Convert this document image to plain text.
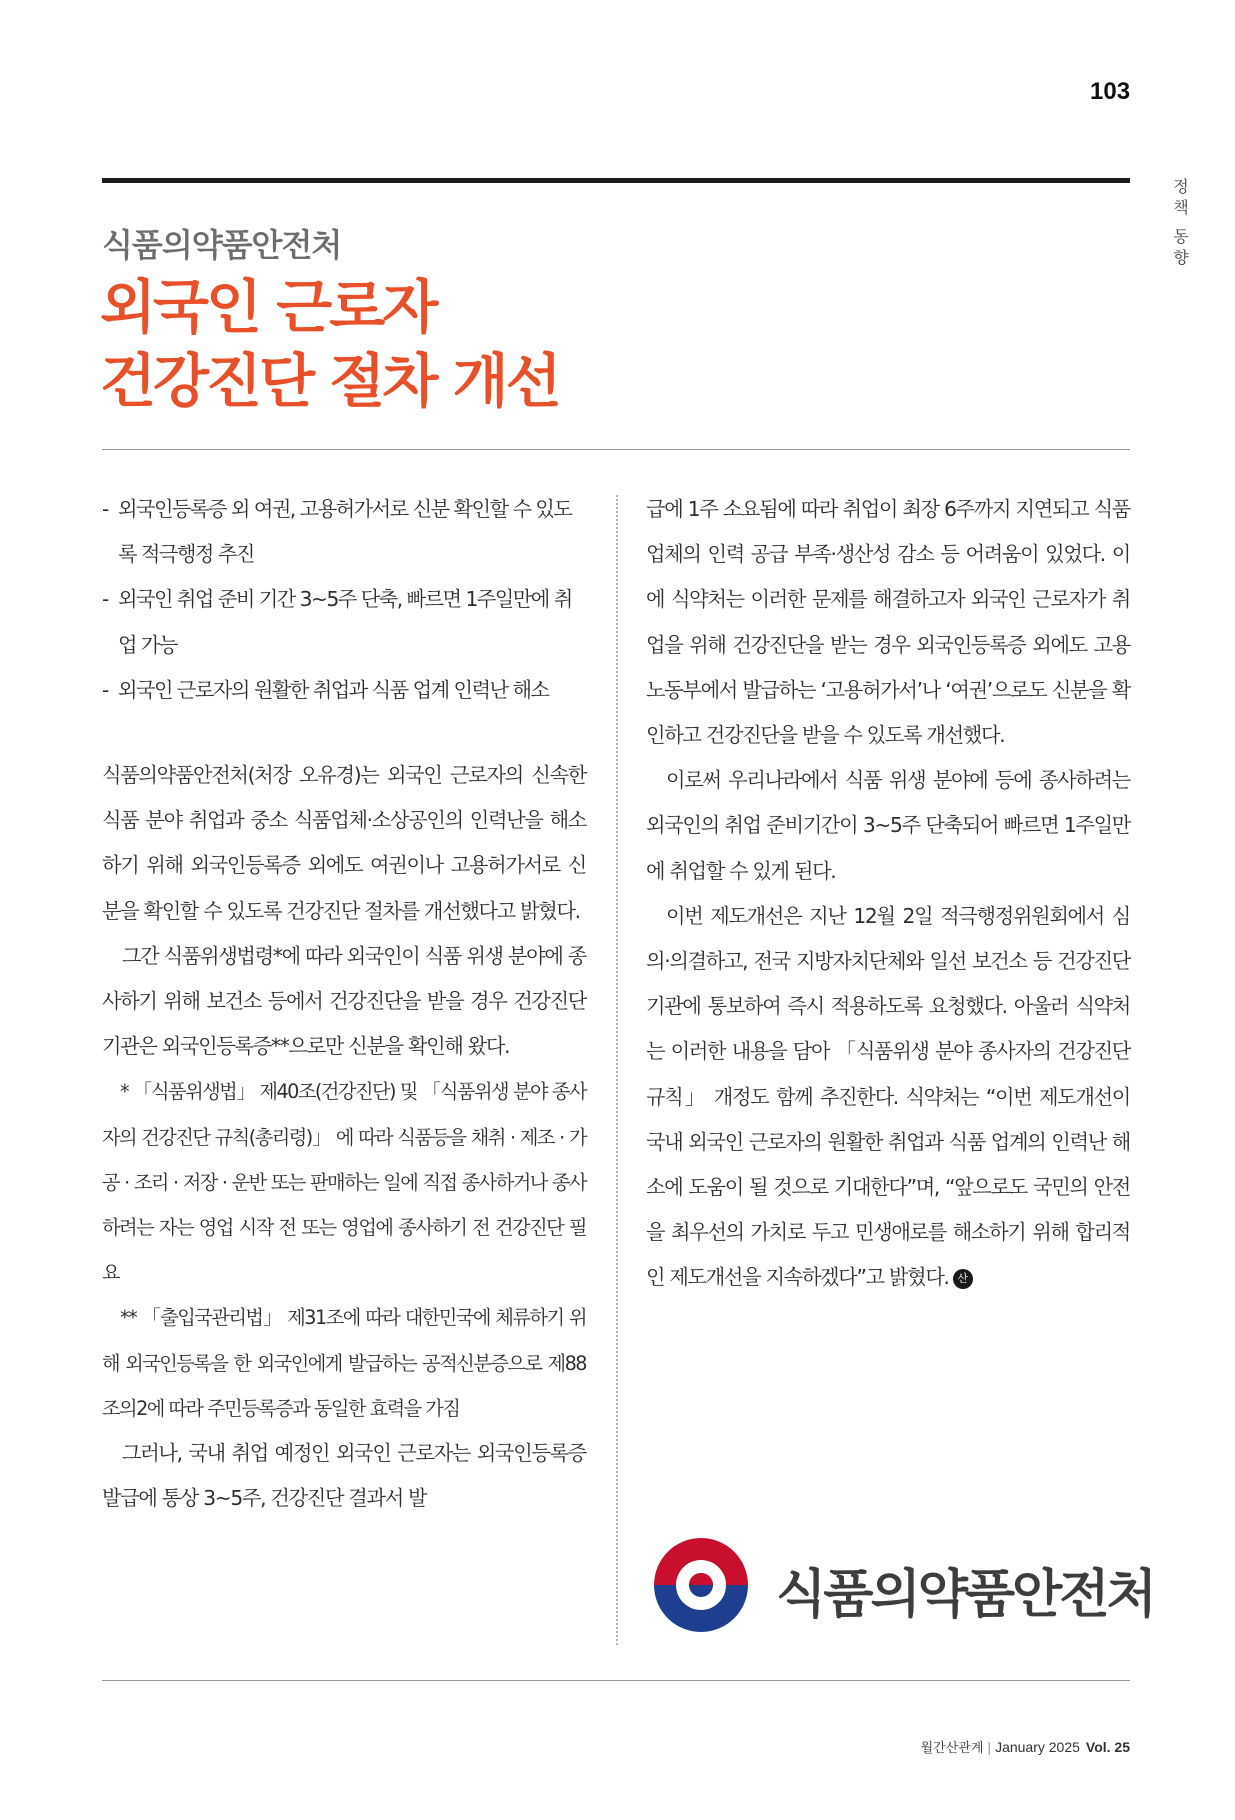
103
정
책
동
향
식품의약품안전처
외국인 근로자
건강진단 절차 개선
- 외국인등록증 외 여권, 고용허가서로 신분 확인할 수 있도록 적극행정 추진
- 외국인 취업 준비 기간 3~5주 단축, 빠르면 1주일만에 취업 가능
- 외국인 근로자의 원활한 취업과 식품 업계 인력난 해소

식품의약품안전처(처장 오유경)는 외국인 근로자의 신속한 식품 분야 취업과 중소 식품업체·소상공인의 인력난을 해소하기 위해 외국인등록증 외에도 여권이나 고용허가서로 신분을 확인할 수 있도록 건강진단 절차를 개선했다고 밝혔다.

그간 식품위생법령*에 따라 외국인이 식품 위생 분야에 종사하기 위해 보건소 등에서 건강진단을 받을 경우 건강진단기관은 외국인등록증**으로만 신분을 확인해 왔다.

* 「식품위생법」 제40조(건강진단) 및 「식품위생 분야 종사자의 건강진단 규칙(총리령)」 에 따라 식품등을 채취 · 제조 · 가공 · 조리 · 저장 · 운반 또는 판매하는 일에 직접 종사하거나 종사하려는 자는 영업 시작 전 또는 영업에 종사하기 전 건강진단 필요

** 「출입국관리법」 제31조에 따라 대한민국에 체류하기 위해 외국인등록을 한 외국인에게 발급하는 공적신분증으로 제88조의2에 따라 주민등록증과 동일한 효력을 가짐

그러나, 국내 취업 예정인 외국인 근로자는 외국인등록증 발급에 통상 3~5주, 건강진단 결과서 발

급에 1주 소요됨에 따라 취업이 최장 6주까지 지연되고 식품업체의 인력 공급 부족·생산성 감소 등 어려움이 있었다. 이에 식약처는 이러한 문제를 해결하고자 외국인 근로자가 취업을 위해 건강진단을 받는 경우 외국인등록증 외에도 고용노동부에서 발급하는 ‘고용허가서’나 ‘여권’으로도 신분을 확인하고 건강진단을 받을 수 있도록 개선했다.

이로써 우리나라에서 식품 위생 분야에 등에 종사하려는 외국인의 취업 준비기간이 3~5주 단축되어 빠르면 1주일만에 취업할 수 있게 된다.

이번 제도개선은 지난 12월 2일 적극행정위원회에서 심의·의결하고, 전국 지방자치단체와 일선 보건소 등 건강진단기관에 통보하여 즉시 적용하도록 요청했다. 아울러 식약처는 이러한 내용을 담아 「식품위생 분야 종사자의 건강진단 규칙」 개정도 함께 추진한다. 식약처는 “이번 제도개선이 국내 외국인 근로자의 원활한 취업과 식품 업계의 인력난 해소에 도움이 될 것으로 기대한다”며, “앞으로도 국민의 안전을 최우선의 가치로 두고 민생애로를 해소하기 위해 합리적인 제도개선을 지속하겠다”고 밝혔다. 산

식품의약품안전처
월간산관계 | January 2025 Vol. 25
